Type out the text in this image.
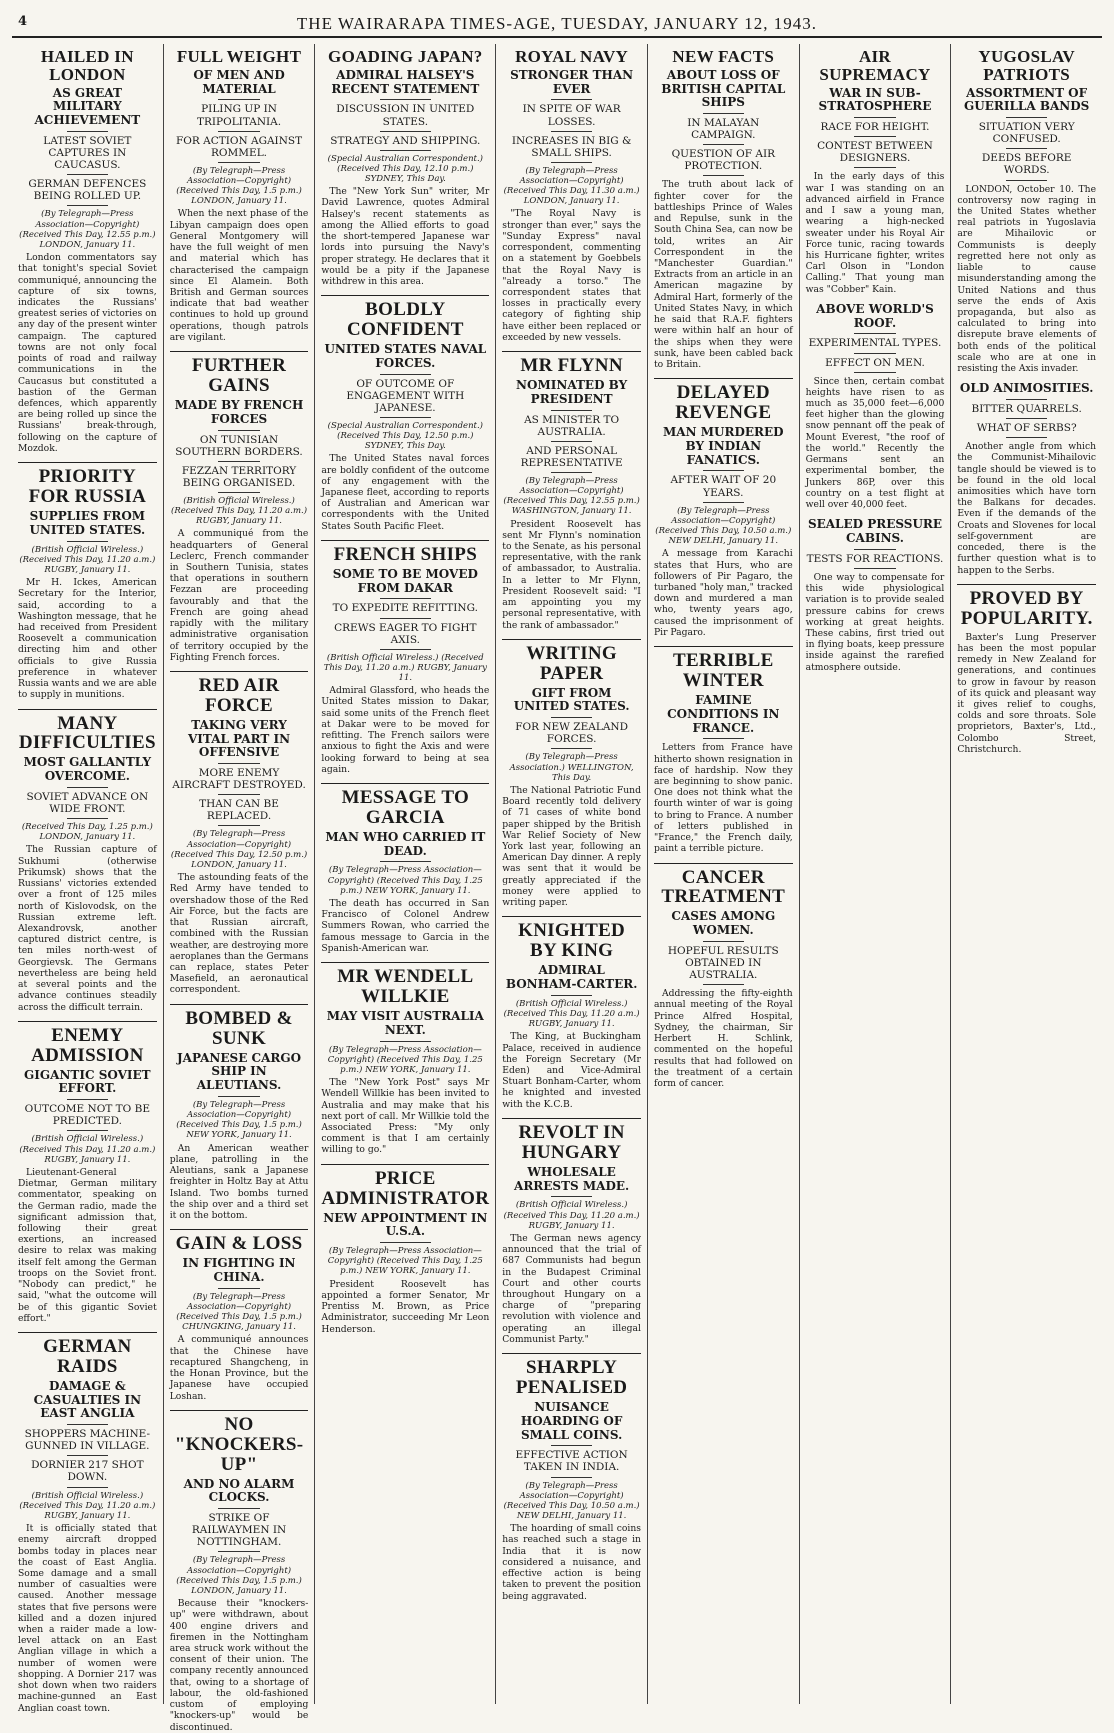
4	THE WAIRARAPA TIMES-AGE, TUESDAY, JANUARY 12, 1943.
HAILED IN LONDON
AS GREAT MILITARY ACHIEVEMENT
LATEST SOVIET CAPTURES IN CAUCASUS.
GERMAN DEFENCES BEING ROLLED UP.
(By Telegraph—Press Association—Copyright) (Received This Day, 12.55 p.m.) LONDON, January 11.

London commentators say that tonight's special Soviet communiqué, announcing the capture of six towns, indicates the Russians' greatest series of victories on any day of the present winter campaign. The captured towns are not only focal points of road and railway communications in the Caucasus but constituted a bastion of the German defences, which apparently are being rolled up since the Russians' break-through, following on the capture of Mozdok.

PRIORITY FOR RUSSIA
SUPPLIES FROM UNITED STATES.
(British Official Wireless.) (Received This Day, 11.20 a.m.) RUGBY, January 11.

Mr H. Ickes, American Secretary for the Interior, said, according to a Washington message, that he had received from President Roosevelt a communication directing him and other officials to give Russia preference in whatever Russia wants and we are able to supply in munitions.

MANY DIFFICULTIES
MOST GALLANTLY OVERCOME.
SOVIET ADVANCE ON WIDE FRONT.
(Received This Day, 1.25 p.m.) LONDON, January 11.

The Russian capture of Sukhumi (otherwise Prikumsk) shows that the Russians' victories extended over a front of 125 miles north of Kislovodsk, on the Russian extreme left. Alexandrovsk, another captured district centre, is ten miles north-west of Georgievsk. The Germans nevertheless are being held at several points and the advance continues steadily across the difficult terrain.

ENEMY ADMISSION
GIGANTIC SOVIET EFFORT.
OUTCOME NOT TO BE PREDICTED.
(British Official Wireless.) (Received This Day, 11.20 a.m.) RUGBY, January 11.

Lieutenant-General Dietmar, German military commentator, speaking on the German radio, made the significant admission that, following their great exertions, an increased desire to relax was making itself felt among the German troops on the Soviet front. "Nobody can predict," he said, "what the outcome will be of this gigantic Soviet effort."

GERMAN RAIDS
DAMAGE & CASUALTIES IN EAST ANGLIA
SHOPPERS MACHINE-GUNNED IN VILLAGE.
DORNIER 217 SHOT DOWN.
(British Official Wireless.) (Received This Day, 11.20 a.m.) RUGBY, January 11.

It is officially stated that enemy aircraft dropped bombs today in places near the coast of East Anglia. Some damage and a small number of casualties were caused. Another message states that five persons were killed and a dozen injured when a raider made a low-level attack on an East Anglian village in which a number of women were shopping. A Dornier 217 was shot down when two raiders machine-gunned an East Anglian coast town.

FULL WEIGHT
OF MEN AND MATERIAL
PILING UP IN TRIPOLITANIA.
FOR ACTION AGAINST ROMMEL.
(By Telegraph—Press Association—Copyright) (Received This Day, 1.5 p.m.) LONDON, January 11.

When the next phase of the Libyan campaign does open General Montgomery will have the full weight of men and material which has characterised the campaign since El Alamein. Both British and German sources indicate that bad weather continues to hold up ground operations, though patrols are vigilant.

FURTHER GAINS
MADE BY FRENCH FORCES
ON TUNISIAN SOUTHERN BORDERS.
FEZZAN TERRITORY BEING ORGANISED.
(British Official Wireless.) (Received This Day, 11.20 a.m.) RUGBY, January 11.

A communiqué from the headquarters of General Leclerc, French commander in Southern Tunisia, states that operations in southern Fezzan are proceeding favourably and that the French are going ahead rapidly with the military administrative organisation of territory occupied by the Fighting French forces.

RED AIR FORCE
TAKING VERY VITAL PART IN OFFENSIVE
MORE ENEMY AIRCRAFT DESTROYED.
THAN CAN BE REPLACED.
(By Telegraph—Press Association—Copyright) (Received This Day, 12.50 p.m.) LONDON, January 11.

The astounding feats of the Red Army have tended to overshadow those of the Red Air Force, but the facts are that Russian aircraft, combined with the Russian weather, are destroying more aeroplanes than the Germans can replace, states Peter Masefield, an aeronautical correspondent.

BOMBED & SUNK
JAPANESE CARGO SHIP IN ALEUTIANS.
(By Telegraph—Press Association—Copyright) (Received This Day, 1.5 p.m.) NEW YORK, January 11.

An American weather plane, patrolling in the Aleutians, sank a Japanese freighter in Holtz Bay at Attu Island. Two bombs turned the ship over and a third set it on the bottom.

GAIN & LOSS
IN FIGHTING IN CHINA.
(By Telegraph—Press Association—Copyright) (Received This Day, 1.5 p.m.) CHUNGKING, January 11.

A communiqué announces that the Chinese have recaptured Shangcheng, in the Honan Province, but the Japanese have occupied Loshan.

NO "KNOCKERS-UP"
AND NO ALARM CLOCKS.
STRIKE OF RAILWAYMEN IN NOTTINGHAM.
(By Telegraph—Press Association—Copyright) (Received This Day, 1.5 p.m.) LONDON, January 11.

Because their "knockers-up" were withdrawn, about 400 engine drivers and firemen in the Nottingham area struck work without the consent of their union. The company recently announced that, owing to a shortage of labour, the old-fashioned custom of employing "knockers-up" would be discontinued.

GOADING JAPAN?
ADMIRAL HALSEY'S RECENT STATEMENT
DISCUSSION IN UNITED STATES.
STRATEGY AND SHIPPING.
(Special Australian Correspondent.) (Received This Day, 12.10 p.m.) SYDNEY, This Day.

The "New York Sun" writer, Mr David Lawrence, quotes Admiral Halsey's recent statements as among the Allied efforts to goad the short-tempered Japanese war lords into pursuing the Navy's proper strategy. He declares that it would be a pity if the Japanese withdrew in this area.

BOLDLY CONFIDENT
UNITED STATES NAVAL FORCES.
OF OUTCOME OF ENGAGEMENT WITH JAPANESE.
(Special Australian Correspondent.) (Received This Day, 12.50 p.m.) SYDNEY, This Day.

The United States naval forces are boldly confident of the outcome of any engagement with the Japanese fleet, according to reports of Australian and American war correspondents with the United States South Pacific Fleet.

FRENCH SHIPS
SOME TO BE MOVED FROM DAKAR
TO EXPEDITE REFITTING.
CREWS EAGER TO FIGHT AXIS.
(British Official Wireless.) (Received This Day, 11.20 a.m.) RUGBY, January 11.

Admiral Glassford, who heads the United States mission to Dakar, said some units of the French fleet at Dakar were to be moved for refitting. The French sailors were anxious to fight the Axis and were looking forward to being at sea again.

MESSAGE TO GARCIA
MAN WHO CARRIED IT DEAD.
(By Telegraph—Press Association—Copyright) (Received This Day, 1.25 p.m.) NEW YORK, January 11.

The death has occurred in San Francisco of Colonel Andrew Summers Rowan, who carried the famous message to Garcia in the Spanish-American war.

MR WENDELL WILLKIE
MAY VISIT AUSTRALIA NEXT.
(By Telegraph—Press Association—Copyright) (Received This Day, 1.25 p.m.) NEW YORK, January 11.

The "New York Post" says Mr Wendell Willkie has been invited to Australia and may make that his next port of call. Mr Willkie told the Associated Press: "My only comment is that I am certainly willing to go."

PRICE ADMINISTRATOR
NEW APPOINTMENT IN U.S.A.
(By Telegraph—Press Association—Copyright) (Received This Day, 1.25 p.m.) NEW YORK, January 11.

President Roosevelt has appointed a former Senator, Mr Prentiss M. Brown, as Price Administrator, succeeding Mr Leon Henderson.

ROYAL NAVY
STRONGER THAN EVER
IN SPITE OF WAR LOSSES.
INCREASES IN BIG & SMALL SHIPS.
(By Telegraph—Press Association—Copyright) (Received This Day, 11.30 a.m.) LONDON, January 11.

"The Royal Navy is stronger than ever," says the "Sunday Express" naval correspondent, commenting on a statement by Goebbels that the Royal Navy is "already a torso." The correspondent states that losses in practically every category of fighting ship have either been replaced or exceeded by new vessels.

MR FLYNN
NOMINATED BY PRESIDENT
AS MINISTER TO AUSTRALIA.
AND PERSONAL REPRESENTATIVE
(By Telegraph—Press Association—Copyright) (Received This Day, 12.55 p.m.) WASHINGTON, January 11.

President Roosevelt has sent Mr Flynn's nomination to the Senate, as his personal representative, with the rank of ambassador, to Australia. In a letter to Mr Flynn, President Roosevelt said: "I am appointing you my personal representative, with the rank of ambassador."

WRITING PAPER
GIFT FROM UNITED STATES.
FOR NEW ZEALAND FORCES.
(By Telegraph—Press Association.) WELLINGTON, This Day.

The National Patriotic Fund Board recently told delivery of 71 cases of white bond paper shipped by the British War Relief Society of New York last year, following an American Day dinner. A reply was sent that it would be greatly appreciated if the money were applied to writing paper.

KNIGHTED BY KING
ADMIRAL BONHAM-CARTER.
(British Official Wireless.) (Received This Day, 11.20 a.m.) RUGBY, January 11.

The King, at Buckingham Palace, received in audience the Foreign Secretary (Mr Eden) and Vice-Admiral Stuart Bonham-Carter, whom he knighted and invested with the K.C.B.

REVOLT IN HUNGARY
WHOLESALE ARRESTS MADE.
(British Official Wireless.) (Received This Day, 11.20 a.m.) RUGBY, January 11.

The German news agency announced that the trial of 687 Communists had begun in the Budapest Criminal Court and other courts throughout Hungary on a charge of "preparing revolution with violence and operating an illegal Communist Party."

SHARPLY PENALISED
NUISANCE HOARDING OF SMALL COINS.
EFFECTIVE ACTION TAKEN IN INDIA.
(By Telegraph—Press Association—Copyright) (Received This Day, 10.50 a.m.) NEW DELHI, January 11.

The hoarding of small coins has reached such a stage in India that it is now considered a nuisance, and effective action is being taken to prevent the position being aggravated.

NEW FACTS
ABOUT LOSS OF BRITISH CAPITAL SHIPS
IN MALAYAN CAMPAIGN.
QUESTION OF AIR PROTECTION.

The truth about lack of fighter cover for the battleships Prince of Wales and Repulse, sunk in the South China Sea, can now be told, writes an Air Correspondent in the "Manchester Guardian." Extracts from an article in an American magazine by Admiral Hart, formerly of the United States Navy, in which he said that R.A.F. fighters were within half an hour of the ships when they were sunk, have been cabled back to Britain.

DELAYED REVENGE
MAN MURDERED BY INDIAN FANATICS.
AFTER WAIT OF 20 YEARS.
(By Telegraph—Press Association—Copyright) (Received This Day, 10.50 a.m.) NEW DELHI, January 11.

A message from Karachi states that Hurs, who are followers of Pir Pagaro, the turbaned "holy man," tracked down and murdered a man who, twenty years ago, caused the imprisonment of Pir Pagaro.

TERRIBLE WINTER
FAMINE CONDITIONS IN FRANCE.

Letters from France have hitherto shown resignation in face of hardship. Now they are beginning to show panic. One does not think what the fourth winter of war is going to bring to France. A number of letters published in "France," the French daily, paint a terrible picture.

CANCER TREATMENT
CASES AMONG WOMEN.
HOPEFUL RESULTS OBTAINED IN AUSTRALIA.

Addressing the fifty-eighth annual meeting of the Royal Prince Alfred Hospital, Sydney, the chairman, Sir Herbert H. Schlink, commented on the hopeful results that had followed on the treatment of a certain form of cancer.

AIR SUPREMACY
WAR IN SUB-STRATOSPHERE
RACE FOR HEIGHT.
CONTEST BETWEEN DESIGNERS.

In the early days of this war I was standing on an advanced airfield in France and I saw a young man, wearing a high-necked sweater under his Royal Air Force tunic, racing towards his Hurricane fighter, writes Carl Olson in "London Calling." That young man was "Cobber" Kain.

ABOVE WORLD'S ROOF.
EXPERIMENTAL TYPES.
EFFECT ON MEN.

Since then, certain combat heights have risen to as much as 35,000 feet—6,000 feet higher than the glowing snow pennant off the peak of Mount Everest, "the roof of the world." Recently the Germans sent an experimental bomber, the Junkers 86P, over this country on a test flight at well over 40,000 feet.

SEALED PRESSURE CABINS.
TESTS FOR REACTIONS.

One way to compensate for this wide physiological variation is to provide sealed pressure cabins for crews working at great heights. These cabins, first tried out in flying boats, keep pressure inside against the rarefied atmosphere outside.

YUGOSLAV PATRIOTS
ASSORTMENT OF GUERILLA BANDS
SITUATION VERY CONFUSED.
DEEDS BEFORE WORDS.

LONDON, October 10. The controversy now raging in the United States whether real patriots in Yugoslavia are Mihailovic or Communists is deeply regretted here not only as liable to cause misunderstanding among the United Nations and thus serve the ends of Axis propaganda, but also as calculated to bring into disrepute brave elements of both ends of the political scale who are at one in resisting the Axis invader.

OLD ANIMOSITIES.
BITTER QUARRELS.
WHAT OF SERBS?

Another angle from which the Communist-Mihailovic tangle should be viewed is to be found in the old local animosities which have torn the Balkans for decades. Even if the demands of the Croats and Slovenes for local self-government are conceded, there is the further question what is to happen to the Serbs.

PROVED BY POPULARITY.

Baxter's Lung Preserver has been the most popular remedy in New Zealand for generations, and continues to grow in favour by reason of its quick and pleasant way it gives relief to coughs, colds and sore throats. Sole proprietors, Baxter's, Ltd., Colombo Street, Christchurch.
